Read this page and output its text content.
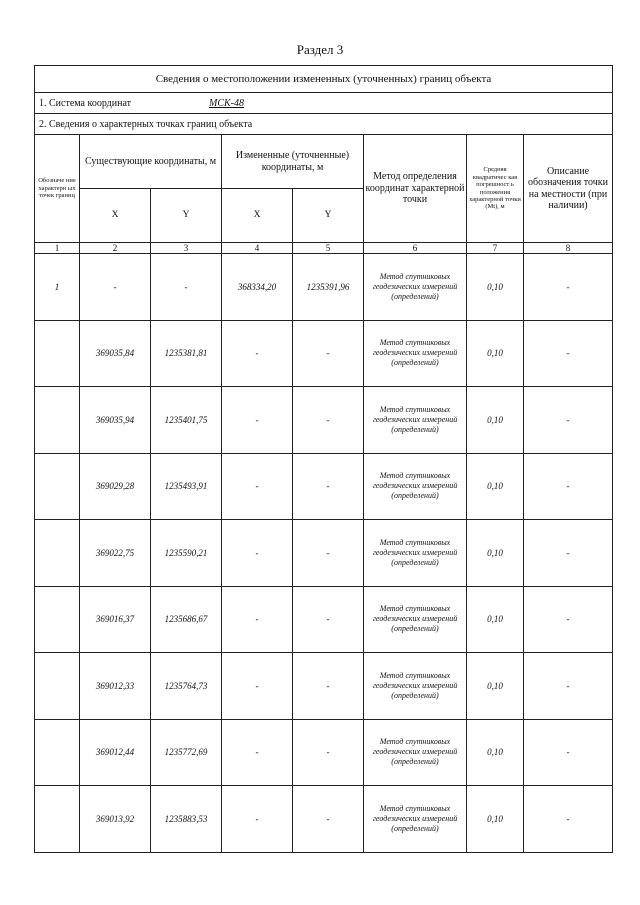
Раздел 3
Сведения о местоположении измененных (уточненных) границ объекта							
1. Система координат МСК-48							
2. Сведения о характерных точках границ объекта							
Обозначе ние характерн ых точек границ	Существующие координаты, м		Измененные (уточненные) координаты, м		Метод определения координат характерной точки	Средняя квадратичес кая погрешност ь положения характерной точки (Mt), м	Описание обозначения точки на местности (при наличии)
	X	Y	X	Y			
1	2	3	4	5	6	7	8
1	-	-	368334,20	1235391,96	Метод спутниковых геодезических измерений (определений)	0,10	-
	369035,84	1235381,81	-	-	Метод спутниковых геодезических измерений (определений)	0,10	-
	369035,94	1235401,75	-	-	Метод спутниковых геодезических измерений (определений)	0,10	-
	369029,28	1235493,91	-	-	Метод спутниковых геодезических измерений (определений)	0,10	-
	369022,75	1235590,21	-	-	Метод спутниковых геодезических измерений (определений)	0,10	-
	369016,37	1235686,67	-	-	Метод спутниковых геодезических измерений (определений)	0,10	-
	369012,33	1235764,73	-	-	Метод спутниковых геодезических измерений (определений)	0,10	-
	369012,44	1235772,69	-	-	Метод спутниковых геодезических измерений (определений)	0,10	-
	369013,92	1235883,53	-	-	Метод спутниковых геодезических измерений (определений)	0,10	-
